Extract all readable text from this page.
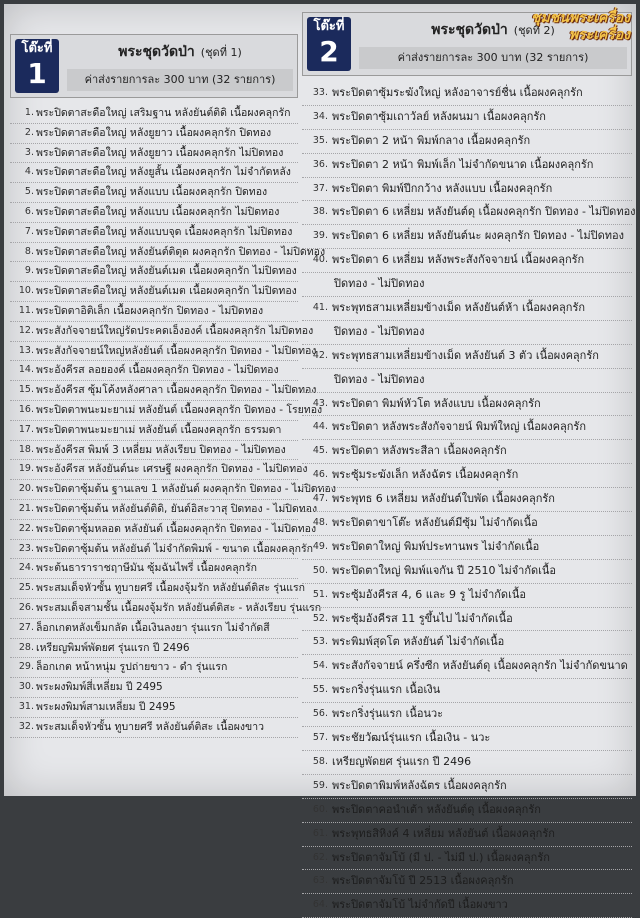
โต๊ะที่
1
พระชุดวัดป่า (ชุดที่ 1)
ค่าส่งรายการละ 300 บาท (32 รายการ)
1. พระปิดตาสะดือใหญ่ เสริมฐาน หลังยันต์ติดิ เนื้อผงคลุกรัก
2. พระปิดตาสะดือใหญ่ หลังยูยาว เนื้อผงคลุกรัก ปิดทอง
3. พระปิดตาสะดือใหญ่ หลังยูยาว เนื้อผงคลุกรัก ไม่ปิดทอง
4. พระปิดตาสะดือใหญ่ หลังยูสั้น เนื้อผงคลุกรัก ไม่จำกัดหลัง
5. พระปิดตาสะดือใหญ่ หลังแบบ เนื้อผงคลุกรัก ปิดทอง
6. พระปิดตาสะดือใหญ่ หลังแบบ เนื้อผงคลุกรัก ไม่ปิดทอง
7. พระปิดตาสะดือใหญ่ หลังแบบจุด เนื้อผงคลุกรัก ไม่ปิดทอง
8. พระปิดตาสะดือใหญ่ หลังยันต์ติดุด ผงคลุกรัก ปิดทอง - ไม่ปิดทอง
9. พระปิดตาสะดือใหญ่ หลังยันต์เมต เนื้อผงคลุกรัก ไม่ปิดทอง
10. พระปิดตาสะดือใหญ่ หลังยันต์เมต เนื้อผงคลุกรัก ไม่ปิดทอง
11. พระปิดตาอิติเล็ก เนื้อผงคลุกรัก ปิดทอง - ไม่ปิดทอง
12. พระสังกัจจายน์ใหญ่รัดประคดเอ็งองค์ เนื้อผงคลุกรัก ไม่ปิดทอง
13. พระสังกัจจายน์ใหญ่หลังยันต์ เนื้อผงคลุกรัก ปิดทอง - ไม่ปิดทอง
14. พระอังคีรส ลอยองค์ เนื้อผงคลุกรัก ปิดทอง - ไม่ปิดทอง
15. พระอังคีรส ซุ้มโค้งหลังศาลา เนื้อผงคลุกรัก ปิดทอง - ไม่ปิดทอง
16. พระปิดตาพนะมะยาเม่ หลังยันต์ เนื้อผงคลุกรัก ปิดทอง - โรยทอง
17. พระปิดตาพนะมะยาเม่ หลังยันต์ เนื้อผงคลุกรัก ธรรมดา
18. พระอังคีรส พิมพ์ 3 เหลี่ยม หลังเรียบ ปิดทอง - ไม่ปิดทอง
19. พระอังคีรส หลังยันต์นะ เศรษฐี ผงคลุกรัก ปิดทอง - ไม่ปิดทอง
20. พระปิดตาซุ้มต้น ฐานเลข 1 หลังยันต์ ผงคลุกรัก ปิดทอง - ไม่ปิดทอง
21. พระปิดตาซุ้มต้น หลังยันต์ติดิ, ยันต์อิสะวาสุ ปิดทอง - ไม่ปิดทอง
22. พระปิดตาซุ้มหลอด หลังยันต์ เนื้อผงคลุกรัก ปิดทอง - ไม่ปิดทอง
23. พระปิดตาซุ้มต้น หลังยันต์ ไม่จำกัดพิมพ์ - ขนาด เนื้อผงคลุกรัก
24. พระต้นธาราราชฤาษีมัน ซุ้มฉันไพรี่ เนื้อผงคลุกรัก
25. พระสมเด็จหัวซั้น ทูบายศรี เนื้อผงจุ้มรัก หลังยันต์ติสะ รุ่นแรก
26. พระสมเด็จสามชั้น เนื้อผงจุ้มรัก หลังยันต์ติสะ - หลังเรียบ รุ่นแรก
27. ล็อกเกตหลังเข็มกลัด เนื้อเงินลงยา รุ่นแรก ไม่จำกัดสี
28. เหรียญพิมพ์พัดยศ รุ่นแรก ปี 2496
29. ล็อกเกต หน้าหนุ่ม รูปถ่ายขาว - ดำ รุ่นแรก
30. พระผงพิมพ์สี่เหลี่ยม ปี 2495
31. พระผงพิมพ์สามเหลี่ยม ปี 2495
32. พระสมเด็จหัวซั้น ทูบายศรี หลังยันต์ติสะ เนื้อผงขาว
โต๊ะที่
2
พระชุดวัดป่า (ชุดที่ 2)
ค่าส่งรายการละ 300 บาท (32 รายการ)
33. พระปิดตาซุ้มระฆังใหญ่ หลังอาจารย์ชื่น เนื้อผงคลุกรัก
34. พระปิดตาซุ้มเถาวัลย์ หลังผนมา เนื้อผงคลุกรัก
35. พระปิดตา 2 หน้า พิมพ์กลาง เนื้อผงคลุกรัก
36. พระปิดตา 2 หน้า พิมพ์เล็ก ไม่จำกัดขนาด เนื้อผงคลุกรัก
37. พระปิดตา พิมพ์ปีกกว้าง หลังแบบ เนื้อผงคลุกรัก
38. พระปิดตา 6 เหลี่ยม หลังยันต์ดุ เนื้อผงคลุกรัก ปิดทอง - ไม่ปิดทอง
39. พระปิดตา 6 เหลี่ยม หลังยันต์นะ ผงคลุกรัก ปิดทอง - ไม่ปิดทอง
40. พระปิดตา 6 เหลี่ยม หลังพระสังกัจจายน์ เนื้อผงคลุกรัก
ปิดทอง - ไม่ปิดทอง
41. พระพุทธสามเหลี่ยมข้างเม็ด หลังยันต์ห้า เนื้อผงคลุกรัก
ปิดทอง - ไม่ปิดทอง
42. พระพุทธสามเหลี่ยมข้างเม็ด หลังยันต์ 3 ตัว เนื้อผงคลุกรัก
ปิดทอง - ไม่ปิดทอง
43. พระปิดตา พิมพ์หัวโต หลังแบบ เนื้อผงคลุกรัก
44. พระปิดตา หลังพระสังกัจจายน์ พิมพ์ใหญ่ เนื้อผงคลุกรัก
45. พระปิดตา หลังพระสีลา เนื้อผงคลุกรัก
46. พระซุ้มระฆังเล็ก หลังฉัตร เนื้อผงคลุกรัก
47. พระพุทธ 6 เหลี่ยม หลังยันต์ใบพัด เนื้อผงคลุกรัก
48. พระปิดตาขาโต๊ะ หลังยันต์มีซุ้ม ไม่จำกัดเนื้อ
49. พระปิดตาใหญ่ พิมพ์ประทานพร ไม่จำกัดเนื้อ
50. พระปิดตาใหญ่ พิมพ์แจกัน ปี 2510 ไม่จำกัดเนื้อ
51. พระซุ้มอังคีรส 4, 6 และ 9 รู ไม่จำกัดเนื้อ
52. พระซุ้มอังคีรส 11 รูขึ้นไป ไม่จำกัดเนื้อ
53. พระพิมพ์สุดโต หลังยันต์ ไม่จำกัดเนื้อ
54. พระสังกัจจายน์ ครึ่งซีก หลังยันต์ดุ เนื้อผงคลุกรัก ไม่จำกัดขนาด
55. พระกริ่งรุ่นแรก เนื้อเงิน
56. พระกริ่งรุ่นแรก เนื้อนวะ
57. พระชัยวัฒน์รุ่นแรก เนื้อเงิน - นวะ
58. เหรียญพัดยศ รุ่นแรก ปี 2496
59. พระปิดตาพิมพ์หลังฉัตร เนื้อผงคลุกรัก
60. พระปิดตาคอนำเต้า หลังยันต์ดุ เนื้อผงคลุกรัก
61. พระพุทธสิหิงค์ 4 เหลี่ยม หลังยันต์ เนื้อผงคลุกรัก
62. พระปิดตาจัมโบ้ (มี ป. - ไม่มี ป.) เนื้อผงคลุกรัก
63. พระปิดตาจัมโบ้ ปี 2513 เนื้อผงคลุกรัก
64. พระปิดตาจัมโบ้ ไม่จำกัดปี เนื้อผงขาว
ชุมชนพระเครื่อง
พระเครื่อง
